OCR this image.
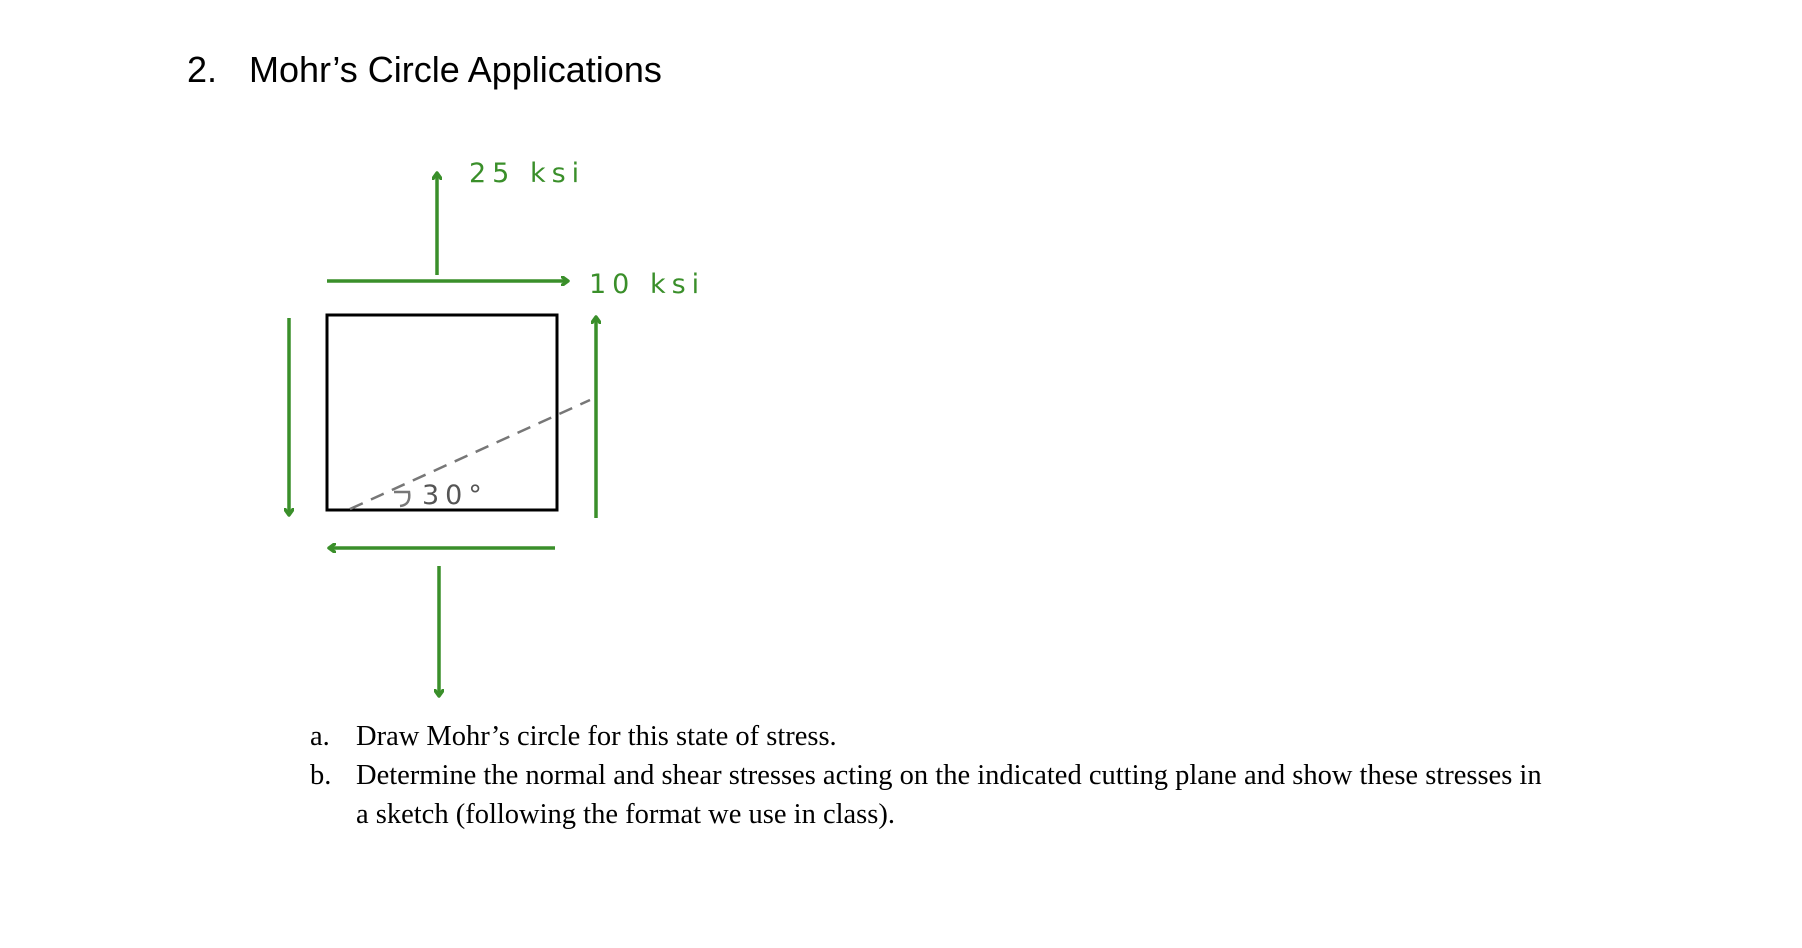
2. Mohr’s Circle Applications
30°
25 ksi
10 ksi
a. Draw Mohr’s circle for this state of stress.
b. Determine the normal and shear stresses acting on the indicated cutting plane and show these stresses in a sketch (following the format we use in class).
